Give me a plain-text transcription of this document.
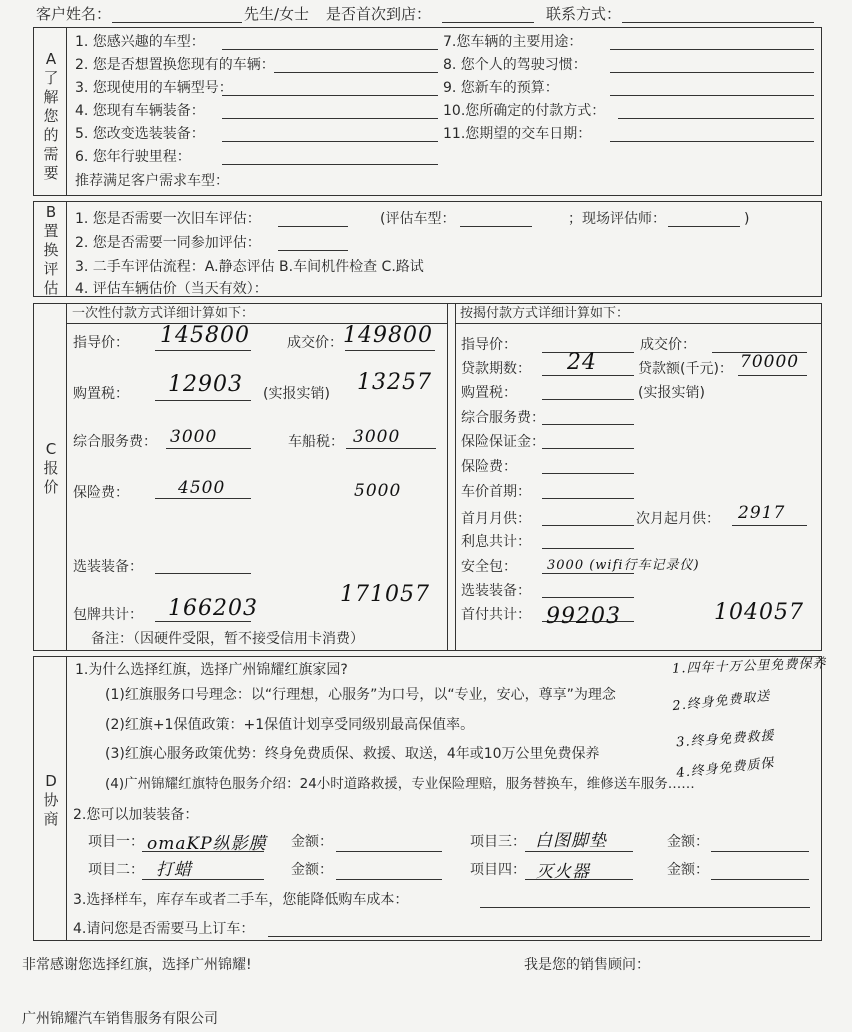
客户姓名：	先生/女士 是否首次到店：	联系方式：
A
了
解
您
的
需
要
1. 您感兴趣的车型：
2. 您是否想置换您现有的车辆：
3. 您现使用的车辆型号：
4. 您现有车辆装备：
5. 您改变选装装备：
6. 您年行驶里程：
推荐满足客户需求车型：
7.您车辆的主要用途：
8. 您个人的驾驶习惯：
9. 您新车的预算：
10.您所确定的付款方式：
11.您期望的交车日期：
B
置
换
评
估
1. 您是否需要一次旧车评估：	(评估车型：	；现场评估师：	)
2. 您是否需要一同参加评估：
3. 二手车评估流程：A.静态评估 B.车间机件检查 C.路试
4. 评估车辆估价（当天有效）：
C
报
价
一次性付款方式详细计算如下：
指导价： 145800	成交价： 149800
购置税： 12903 (实报实销) 13257
综合服务费： 3000	车船税： 3000
保险费：	4500	5000
选装装备：
包牌共计： 166203
171057
备注：（因硬件受限，暂不接受信用卡消费）
按揭付款方式详细计算如下：
指导价：	成交价：
贷款期数： 24	贷款额(千元)： 70000
购置税：	(实报实销)
综合服务费：
保险保证金：
保险费：
车价首期：
首月月供：	次月起月供： 2917
利息共计：
安全包： 3000 (wifi行车记录仪)
选装装备：
首付共计： 99203	104057
D
协
商
1.为什么选择红旗，选择广州锦耀红旗家园?
(1)红旗服务口号理念：以“行理想，心服务”为口号，以“专业，安心，尊享”为理念
(2)红旗+1保值政策：+1保值计划享受同级别最高保值率。
(3)红旗心服务政策优势：终身免费质保、救援、取送，4年或10万公里免费保养
(4)广州锦耀红旗特色服务介绍：24小时道路救援，专业保险理赔，服务替换车，维修送车服务……
1.四年十万公里免费保养
2.终身免费取送
3.终身免费救援
4.终身免费质保
2.您可以加装装备：
项目一： omaKP纵影膜 金额：	项目三： 白图脚垫	金额：
项目二： 打蜡	金额：	项目四： 灭火器	金额：
3.选择样车，库存车或者二手车，您能降低购车成本：
4.请问您是否需要马上订车：
非常感谢您选择红旗，选择广州锦耀!	我是您的销售顾问：
广州锦耀汽车销售服务有限公司
